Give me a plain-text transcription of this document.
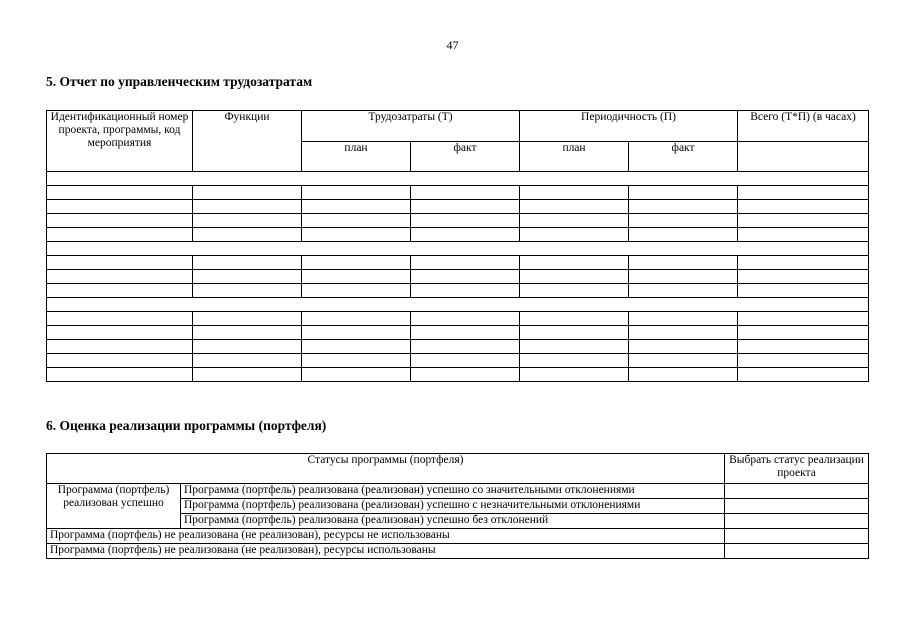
47
5. Отчет по управленческим трудозатратам
Идентификационный номер проекта, программы, код мероприятия	Функции	Трудозатраты (Т)		Периодичность (П)		Всего (Т*П) (в часах)
		план	факт	план	факт	

6. Оценка реализации программы (портфеля)
Статусы программы (портфеля)		Выбрать статус реализации проекта
Программа (портфель) реализован успешно	Программа (портфель) реализована (реализован) успешно со значительными отклонениями	
	Программа (портфель) реализована (реализован) успешно с незначительными отклонениями	
	Программа (портфель) реализована (реализован) успешно без отклонений	
Программа (портфель) не реализована (не реализован), ресурсы не использованы		
Программа (портфель) не реализована (не реализован), ресурсы использованы		
